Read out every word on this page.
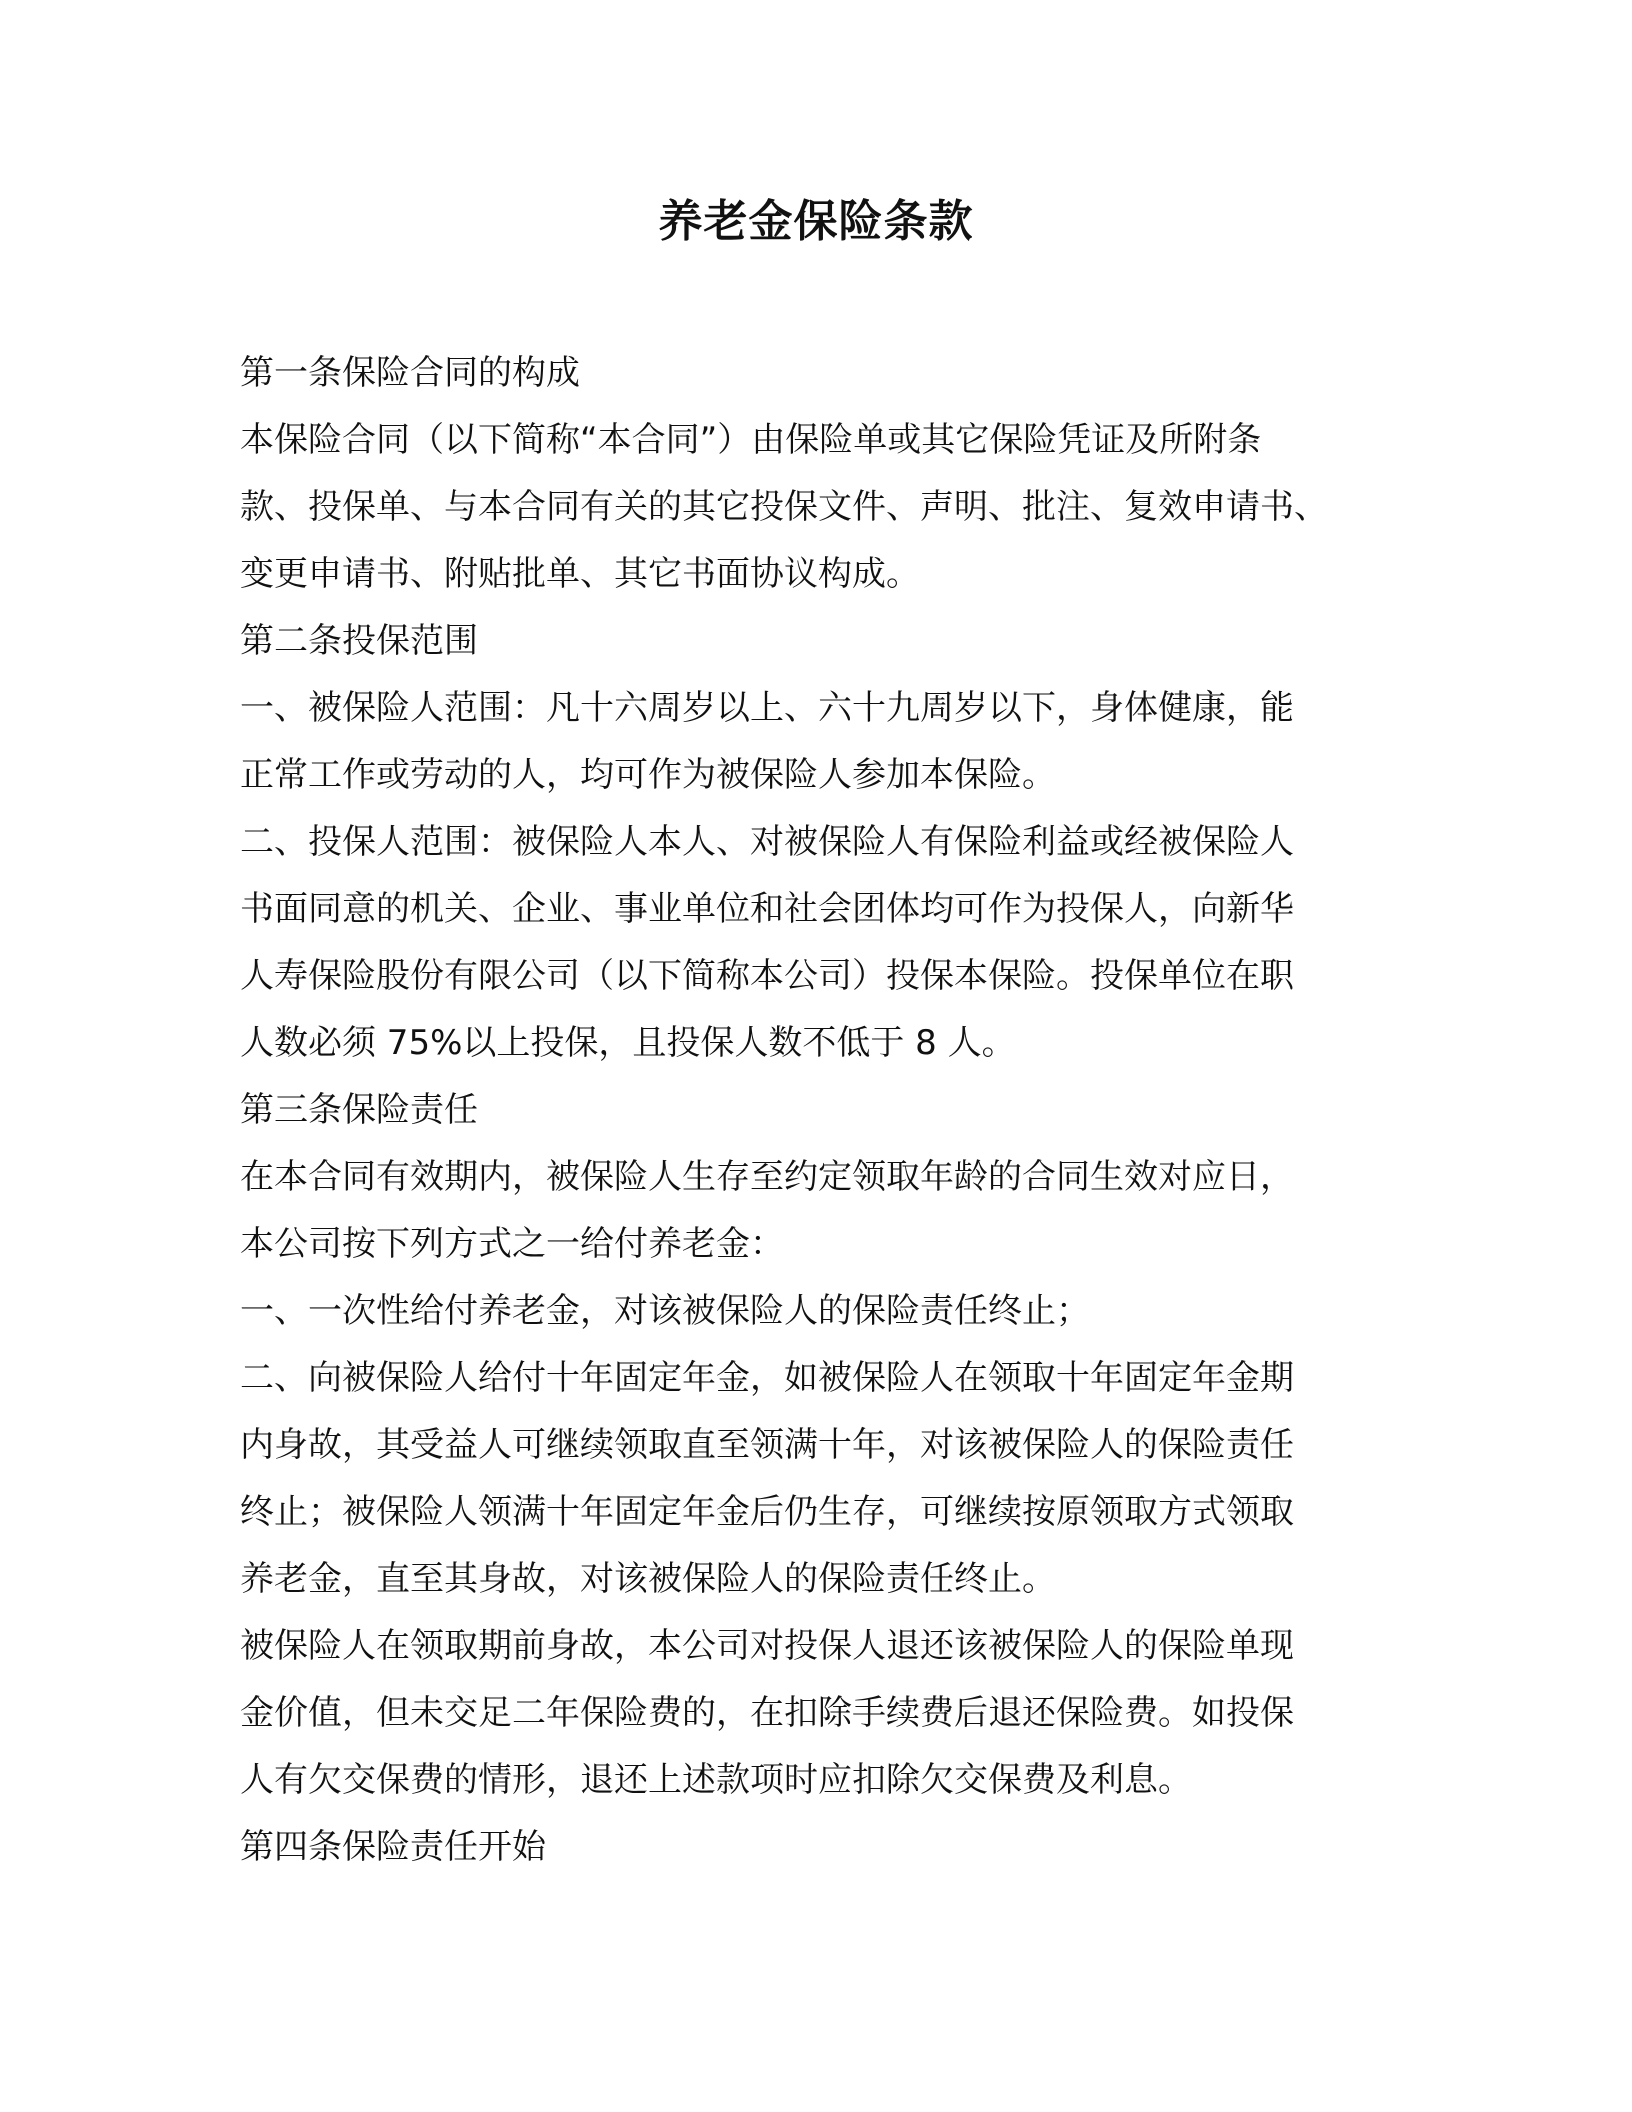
养老金保险条款
第一条保险合同的构成
本保险合同（以下简称“本合同”）由保险单或其它保险凭证及所附条
款、投保单、与本合同有关的其它投保文件、声明、批注、复效申请书、
变更申请书、附贴批单、其它书面协议构成。
第二条投保范围
一、被保险人范围：凡十六周岁以上、六十九周岁以下，身体健康，能
正常工作或劳动的人，均可作为被保险人参加本保险。
二、投保人范围：被保险人本人、对被保险人有保险利益或经被保险人
书面同意的机关、企业、事业单位和社会团体均可作为投保人，向新华
人寿保险股份有限公司（以下简称本公司）投保本保险。投保单位在职
人数必须 75%以上投保，且投保人数不低于 8 人。
第三条保险责任
在本合同有效期内，被保险人生存至约定领取年龄的合同生效对应日，
本公司按下列方式之一给付养老金：
一、一次性给付养老金，对该被保险人的保险责任终止；
二、向被保险人给付十年固定年金，如被保险人在领取十年固定年金期
内身故，其受益人可继续领取直至领满十年，对该被保险人的保险责任
终止；被保险人领满十年固定年金后仍生存，可继续按原领取方式领取
养老金，直至其身故，对该被保险人的保险责任终止。
被保险人在领取期前身故，本公司对投保人退还该被保险人的保险单现
金价值，但未交足二年保险费的，在扣除手续费后退还保险费。如投保
人有欠交保费的情形，退还上述款项时应扣除欠交保费及利息。
第四条保险责任开始
